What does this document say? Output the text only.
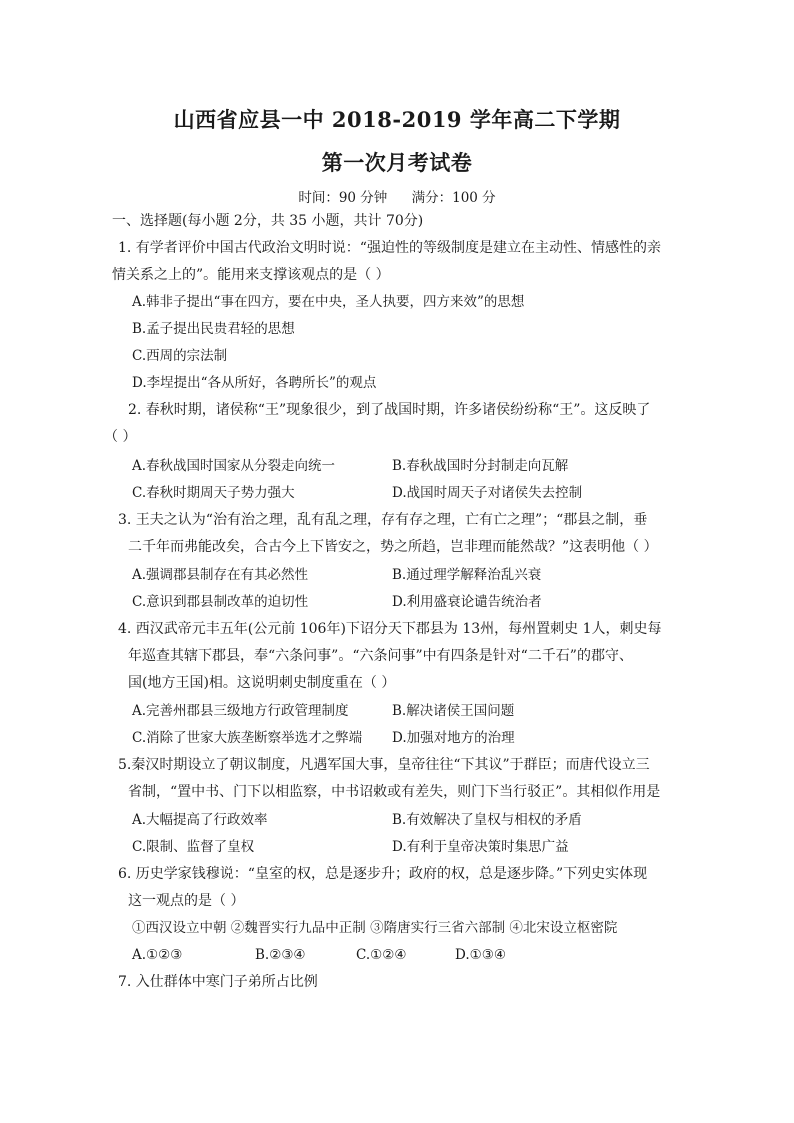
山西省应县一中 2018-2019 学年高二下学期
第一次月考试卷
时间：90 分钟 满分：100 分
一、选择题(每小题 2分，共 35 小题，共计 70分)
1. 有学者评价中国古代政治文明时说：“强迫性的等级制度是建立在主动性、情感性的亲
情关系之上的”。能用来支撑该观点的是（ ）
A.韩非子提出“事在四方，要在中央，圣人执要，四方来效”的思想
B.孟子提出民贵君轻的思想
C.西周的宗法制
D.李埕提出“各从所好，各聘所长”的观点
2. 春秋时期，诸侯称“王”现象很少，到了战国时期，许多诸侯纷纷称“王”。这反映了
（ ）
A.春秋战国时国家从分裂走向统一	B.春秋战国时分封制走向瓦解
C.春秋时期周天子势力强大	D.战国时周天子对诸侯失去控制
3. 王夫之认为“治有治之理，乱有乱之理，存有存之理，亡有亡之理”；“郡县之制，垂
二千年而弗能改矣，合古今上下皆安之，势之所趋，岂非理而能然哉？”这表明他（ ）
A.强调郡县制存在有其必然性	B.通过理学解释治乱兴衰
C.意识到郡县制改革的迫切性	D.利用盛衰论谴告统治者
4. 西汉武帝元丰五年(公元前 106年)下诏分天下郡县为 13州，每州置刺史 1人，刺史每
年巡查其辖下郡县，奉“六条问事”。“六条问事”中有四条是针对“二千石”的郡守、
国(地方王国)相。这说明刺史制度重在（ ）
A.完善州郡县三级地方行政管理制度	B.解决诸侯王国问题
C.消除了世家大族垄断察举选才之弊端 D.加强对地方的治理
5.秦汉时期设立了朝议制度，凡遇军国大事，皇帝往往“下其议”于群臣；而唐代设立三
省制，“置中书、门下以相监察，中书诏敕或有差失，则门下当行驳正”。其相似作用是
A.大幅提高了行政效率	B.有效解决了皇权与相权的矛盾
C.限制、监督了皇权	D.有利于皇帝决策时集思广益
6. 历史学家钱穆说：“皇室的权，总是逐步升；政府的权，总是逐步降。”下列史实体现
这一观点的是（ ）
①西汉设立中朝 ②魏晋实行九品中正制 ③隋唐实行三省六部制 ④北宋设立枢密院
A.①②③	B.②③④	C.①②④	D.①③④
7. 入仕群体中寒门子弟所占比例
